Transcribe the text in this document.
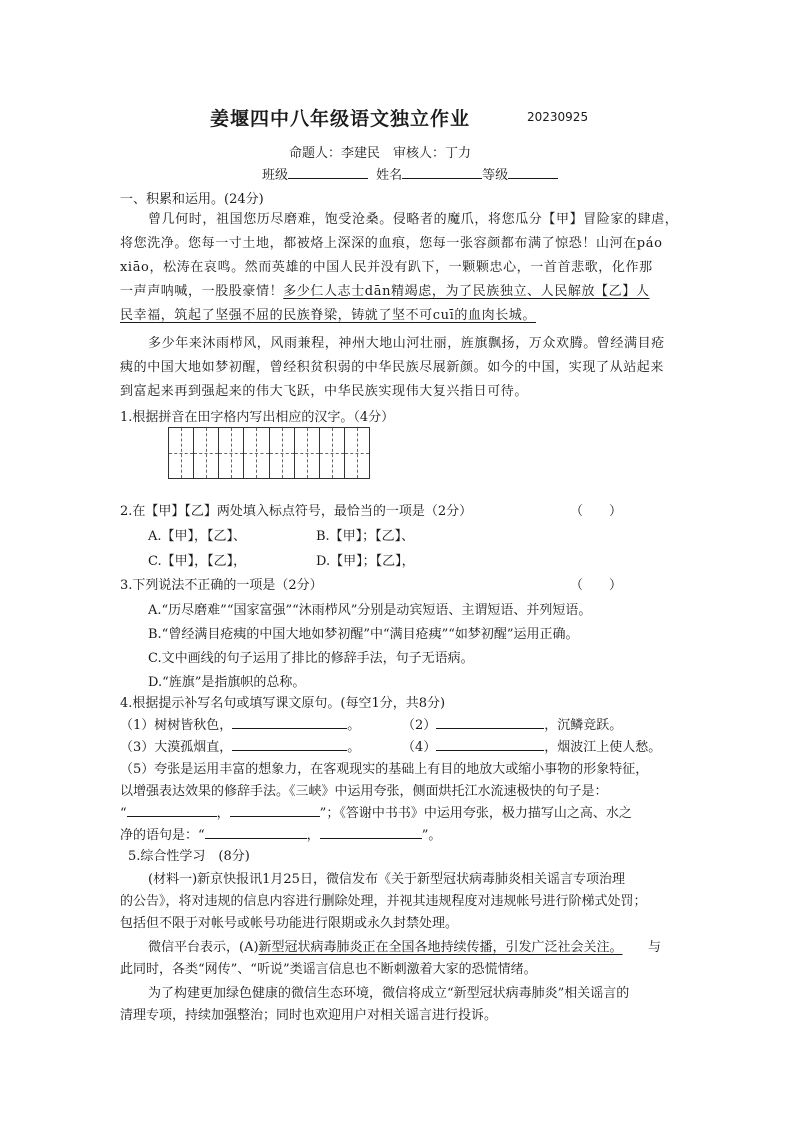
姜堰四中八年级语文独立作业	20230925
命题人：李建民　审核人：丁力
班级	姓名	等级
一、积累和运用。(24分)
曾几何时，祖国您历尽磨难，饱受沧桑。侵略者的魔爪，将您瓜分【甲】冒险家的肆虐，
将您洗净。您每一寸土地，都被烙上深深的血痕，您每一张容颜都布满了惊恐！山河在páo
xiāo，松涛在哀鸣。然而英雄的中国人民并没有趴下，一颗颗忠心，一首首悲歌，化作那
一声声呐喊，一股股豪情！多少仁人志士dān精竭虑，为了民族独立、人民解放【乙】人
民幸福，筑起了坚强不屈的民族脊梁，铸就了坚不可cuī的血肉长城。
多少年来沐雨栉风，风雨兼程，神州大地山河壮丽，旌旗飘扬，万众欢腾。曾经满目疮
痍的中国大地如梦初醒，曾经积贫积弱的中华民族尽展新颜。如今的中国，实现了从站起来
到富起来再到强起来的伟大飞跃，中华民族实现伟大复兴指日可待。
1.根据拼音在田字格内写出相应的汉字。（4分）
2.在【甲】【乙】两处填入标点符号，最恰当的一项是（2分）	（　　）
A.【甲】，【乙】、	B.【甲】；【乙】、
C.【甲】，【乙】，	D.【甲】；【乙】，
3.下列说法不正确的一项是（2分）	（　　）
A.“历尽磨难”“国家富强”“沐雨栉风”分别是动宾短语、主谓短语、并列短语。
B.“曾经满目疮痍的中国大地如梦初醒”中“满目疮痍”“如梦初醒”运用正确。
C.文中画线的句子运用了排比的修辞手法，句子无语病。
D.“旌旗”是指旗帜的总称。
4.根据提示补写名句或填写课文原句。(每空1分，共8分)
（1）树树皆秋色，	。	（2）	，沉鳞竞跃。
（3）大漠孤烟直，	。	（4）	，烟波江上使人愁。
（5）夸张是运用丰富的想象力，在客观现实的基础上有目的地放大或缩小事物的形象特征，
以增强表达效果的修辞手法。《三峡》中运用夸张，侧面烘托江水流速极快的句子是：
“	，	”；《答谢中书书》中运用夸张，极力描写山之高、水之
净的语句是：“	，	”。
5.综合性学习　(8分)
(材料一)新京快报讯1月25日，微信发布《关于新型冠状病毒肺炎相关谣言专项治理
的公告》，将对违规的信息内容进行删除处理，并视其违规程度对违规帐号进行阶梯式处罚；
包括但不限于对帐号或帐号功能进行限期或永久封禁处理。
微信平台表示，(A)新型冠状病毒肺炎正在全国各地持续传播，引发广泛社会关注。 与
此同时，各类“网传”、“听说”类谣言信息也不断刺激着大家的恐慌情绪。
为了构建更加绿色健康的微信生态环境，微信将成立“新型冠状病毒肺炎”相关谣言的
清理专项，持续加强整治；同时也欢迎用户对相关谣言进行投诉。
